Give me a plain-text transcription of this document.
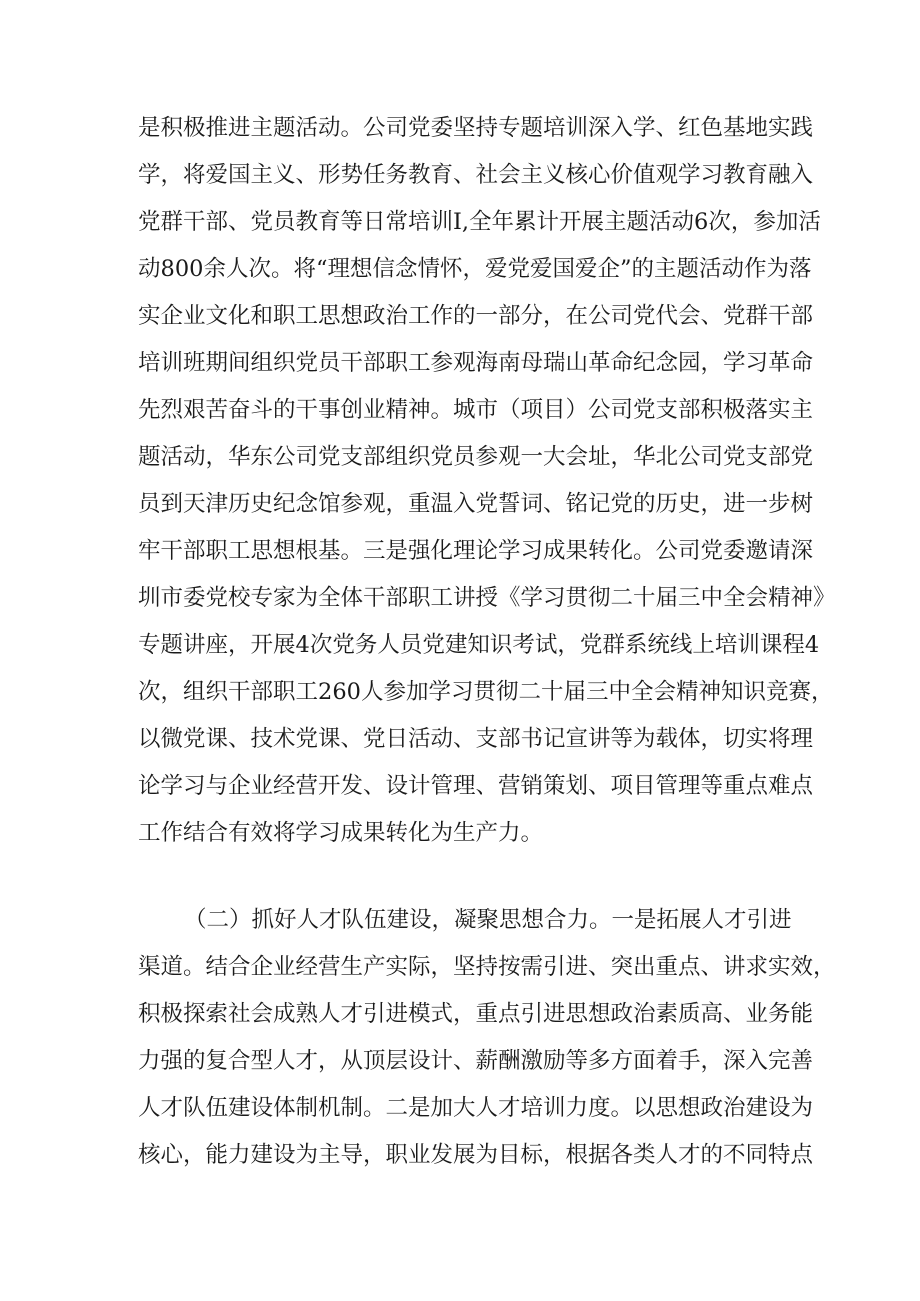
是积极推进主题活动。公司党委坚持专题培训深入学、红色基地实践
学，将爱国主义、形势任务教育、社会主义核心价值观学习教育融入
党群干部、党员教育等日常培训I,全年累计开展主题活动6次，参加活
动800余人次。将“理想信念情怀，爱党爱国爱企”的主题活动作为落
实企业文化和职工思想政治工作的一部分，在公司党代会、党群干部
培训班期间组织党员干部职工参观海南母瑞山革命纪念园，学习革命
先烈艰苦奋斗的干事创业精神。城市（项目）公司党支部积极落实主
题活动，华东公司党支部组织党员参观一大会址，华北公司党支部党
员到天津历史纪念馆参观，重温入党誓词、铭记党的历史，进一步树
牢干部职工思想根基。三是强化理论学习成果转化。公司党委邀请深
圳市委党校专家为全体干部职工讲授《学习贯彻二十届三中全会精神》
专题讲座，开展4次党务人员党建知识考试，党群系统线上培训课程4
次，组织干部职工260人参加学习贯彻二十届三中全会精神知识竞赛，
以微党课、技术党课、党日活动、支部书记宣讲等为载体，切实将理
论学习与企业经营开发、设计管理、营销策划、项目管理等重点难点
工作结合有效将学习成果转化为生产力。
（二）抓好人才队伍建设，凝聚思想合力。一是拓展人才引进
渠道。结合企业经营生产实际，坚持按需引进、突出重点、讲求实效，
积极探索社会成熟人才引进模式，重点引进思想政治素质高、业务能
力强的复合型人才，从顶层设计、薪酬激励等多方面着手，深入完善
人才队伍建设体制机制。二是加大人才培训力度。以思想政治建设为
核心，能力建设为主导，职业发展为目标，根据各类人才的不同特点
